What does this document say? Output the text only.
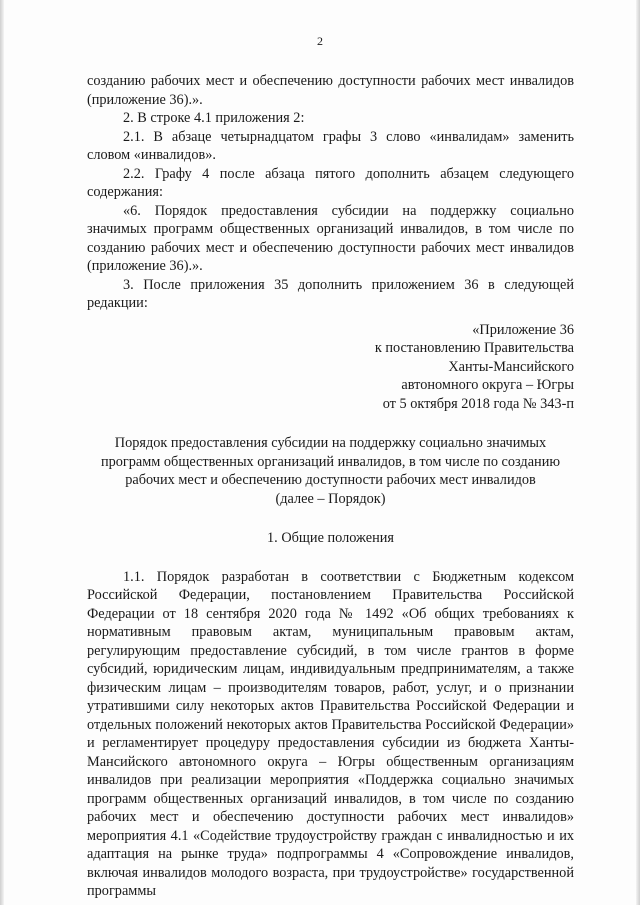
2

созданию рабочих мест и обеспечению доступности рабочих мест инвалидов (приложение 36).».

2. В строке 4.1 приложения 2:

2.1. В абзаце четырнадцатом графы 3 слово «инвалидам» заменить словом «инвалидов».

2.2. Графу 4 после абзаца пятого дополнить абзацем следующего содержания:

«6. Порядок предоставления субсидии на поддержку социально значимых программ общественных организаций инвалидов, в том числе по созданию рабочих мест и обеспечению доступности рабочих мест инвалидов (приложение 36).».

3. После приложения 35 дополнить приложением 36 в следующей редакции:

«Приложение 36
к постановлению Правительства
Ханты-Мансийского
автономного округа – Югры
от 5 октября 2018 года № 343-п
Порядок предоставления субсидии на поддержку социально значимых
программ общественных организаций инвалидов, в том числе по созданию
рабочих мест и обеспечению доступности рабочих мест инвалидов
(далее – Порядок)
1. Общие положения

1.1. Порядок разработан в соответствии с Бюджетным кодексом Российской Федерации, постановлением Правительства Российской Федерации от 18 сентября 2020 года № 1492 «Об общих требованиях к нормативным правовым актам, муниципальным правовым актам, регулирующим предоставление субсидий, в том числе грантов в форме субсидий, юридическим лицам, индивидуальным предпринимателям, а также физическим лицам – производителям товаров, работ, услуг, и о признании утратившими силу некоторых актов Правительства Российской Федерации и отдельных положений некоторых актов Правительства Российской Федерации» и регламентирует процедуру предоставления субсидии из бюджета Ханты-Мансийского автономного округа – Югры общественным организациям инвалидов при реализации мероприятия «Поддержка социально значимых программ общественных организаций инвалидов, в том числе по созданию рабочих мест и обеспечению доступности рабочих мест инвалидов» мероприятия 4.1 «Содействие трудоустройству граждан с инвалидностью и их адаптация на рынке труда» подпрограммы 4 «Сопровождение инвалидов, включая инвалидов молодого возраста, при трудоустройстве» государственной программы
